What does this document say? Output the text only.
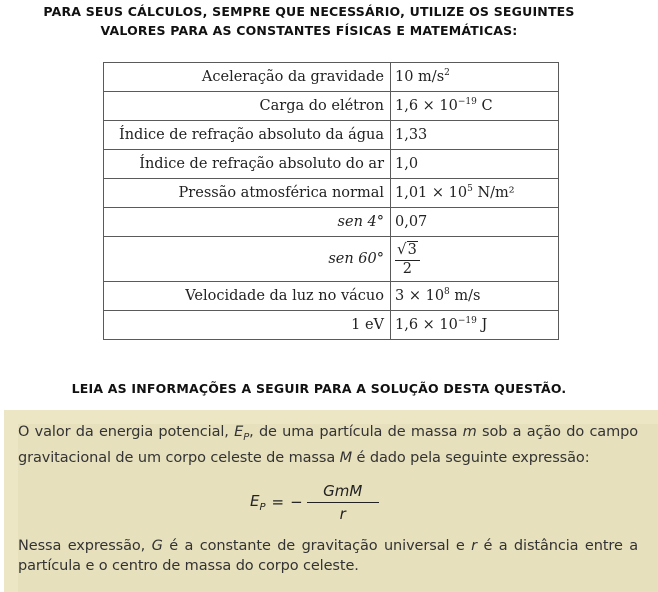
PARA SEUS CÁLCULOS, SEMPRE QUE NECESSÁRIO, UTILIZE OS SEGUINTES
VALORES PARA AS CONSTANTES FÍSICAS E MATEMÁTICAS:
Aceleração da gravidade	10 $m/s^2$
Carga do elétron	$1,6 \times 10^{-19}$ C
Índice de refração absoluto da água	1,33
Índice de refração absoluto do ar	1,0
Pressão atmosférica normal	$1,01 \times 10^5$ N/m²
sen 4°	0,07
sen 60°	$\frac{√3}{2}$

Velocidade da luz no vácuo	$3 \times 10^8$ m/s
1 eV	$1,6 \times 10^{-19}$ J
LEIA AS INFORMAÇÕES A SEGUIR PARA A SOLUÇÃO DESTA QUESTÃO.
O valor da energia potencial, $E_P$, de uma partícula de massa m sob a ação do campo gravitacional de um corpo celeste de massa M é dado pela seguinte expressão:
$E_P$ = −
GmM
r
Nessa expressão, G é a constante de gravitação universal e r é a distância entre a partícula e o centro de massa do corpo celeste.
